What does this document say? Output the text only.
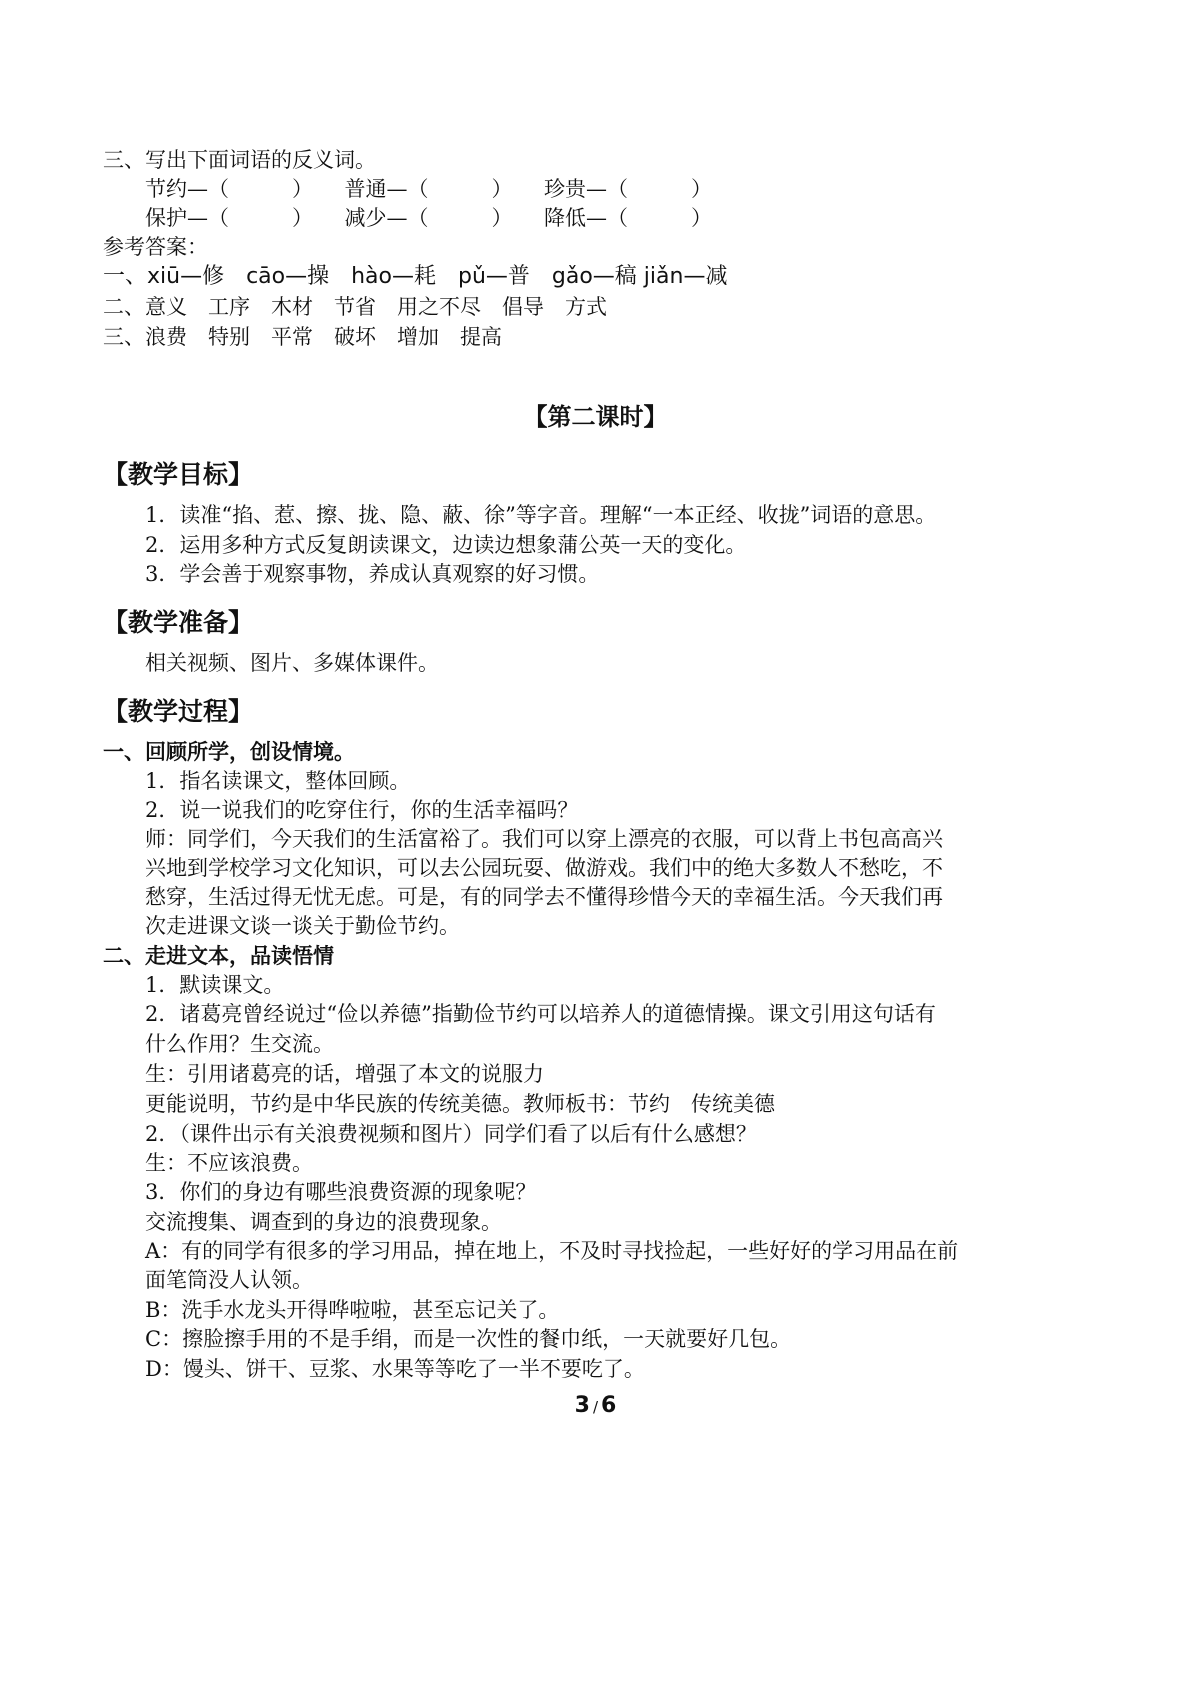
三、写出下面词语的反义词。
节约—（　　　）　　普通—（　　　）　　珍贵—（　　　）
保护—（　　　）　　减少—（　　　）　　降低—（　　　）
参考答案：
一、xiū—修　cāo—操　hào—耗　pǔ—普　gǎo—稿 jiǎn—减
二、意义　工序　木材　节省　用之不尽　倡导　方式
三、浪费　特别　平常　破坏　增加　提高
【第二课时】
【教学目标】
1．读准“掐、惹、擦、拢、隐、蔽、徐”等字音。理解“一本正经、收拢”词语的意思。
2．运用多种方式反复朗读课文，边读边想象蒲公英一天的变化。
3．学会善于观察事物，养成认真观察的好习惯。
【教学准备】
相关视频、图片、多媒体课件。
【教学过程】
一、回顾所学，创设情境。
1．指名读课文，整体回顾。
2．说一说我们的吃穿住行，你的生活幸福吗？
师：同学们，今天我们的生活富裕了。我们可以穿上漂亮的衣服，可以背上书包高高兴
兴地到学校学习文化知识，可以去公园玩耍、做游戏。我们中的绝大多数人不愁吃，不
愁穿，生活过得无忧无虑。可是，有的同学去不懂得珍惜今天的幸福生活。今天我们再
次走进课文谈一谈关于勤俭节约。
二、走进文本，品读悟情
1．默读课文。
2．诸葛亮曾经说过“俭以养德”指勤俭节约可以培养人的道德情操。课文引用这句话有
什么作用？生交流。
生：引用诸葛亮的话，增强了本文的说服力
更能说明，节约是中华民族的传统美德。教师板书：节约　传统美德
2．（课件出示有关浪费视频和图片）同学们看了以后有什么感想？
生：不应该浪费。
3．你们的身边有哪些浪费资源的现象呢？
交流搜集、调查到的身边的浪费现象。
A：有的同学有很多的学习用品，掉在地上，不及时寻找捡起，一些好好的学习用品在前
面笔筒没人认领。
B：洗手水龙头开得哗啦啦，甚至忘记关了。
C：擦脸擦手用的不是手绢，而是一次性的餐巾纸，一天就要好几包。
D：馒头、饼干、豆浆、水果等等吃了一半不要吃了。
3 / 6
